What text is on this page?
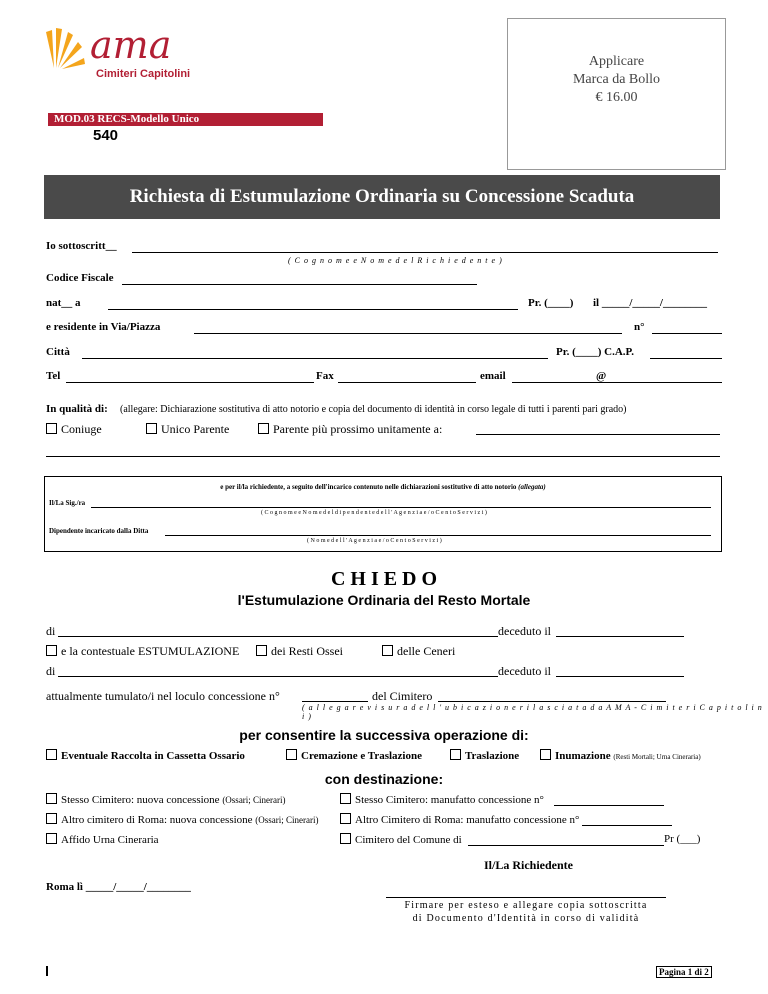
ama
Cimiteri Capitolini
Applicare
Marca da Bollo
€ 16.00
MOD.03 RECS-Modello Unico
540
Richiesta di Estumulazione Ordinaria su Concessione Scaduta
Io sottoscritt__
( C o g n o m e e N o m e d e l R i c h i e d e n t e )
Codice Fiscale
nat__ a	Pr. (____) il _____/_____/________
e residente in Via/Piazza	n°
Città	Pr. (____) C.A.P.
Tel	Fax	email	@
In qualità di: (allegare: Dichiarazione sostitutiva di atto notorio e copia del documento di identità in corso legale di tutti i parenti pari grado)
Coniuge	Unico Parente	Parente più prossimo unitamente a:
e per il/la richiedente, a seguito dell'incarico contenuto nelle dichiarazioni sostitutive di atto notorio (allegata)
Il/La Sig./ra
( C o g n o m e e N o m e d e l d i p e n d e n t e d e l l ' A g e n z i a e / o C e n t o S e r v i z i )
Dipendente incaricato dalla Ditta
( N o m e d e l l ' A g e n z i a e / o C e n t o S e r v i z i )
C H I E D O
l'Estumulazione Ordinaria del Resto Mortale
di	deceduto il
e la contestuale ESTUMULAZIONE	dei Resti Ossei	delle Ceneri
di	deceduto il
attualmente tumulato/i nel loculo concessione n°	del Cimitero
( a l l e g a r e v i s u r a d e l l ' u b i c a z i o n e r i l a s c i a t a d a A M A - C i m i t e r i C a p i t o l i n i )
per consentire la successiva operazione di:
Eventuale Raccolta in Cassetta Ossario	Cremazione e Traslazione	Traslazione	Inumazione (Resti Mortali; Urna Cineraria)
con destinazione:
Stesso Cimitero: nuova concessione (Ossari; Cinerari)	Stesso Cimitero: manufatto concessione n°
Altro cimitero di Roma: nuova concessione (Ossari; Cinerari)	Altro Cimitero di Roma: manufatto concessione n°
Affido Urna Cineraria	Cimitero del Comune di	Pr (___)
Il/La Richiedente
Roma lì _____/_____/________
Firmare per esteso e allegare copia sottoscritta
di Documento d'Identità in corso di validità
Pagina 1 di 2
